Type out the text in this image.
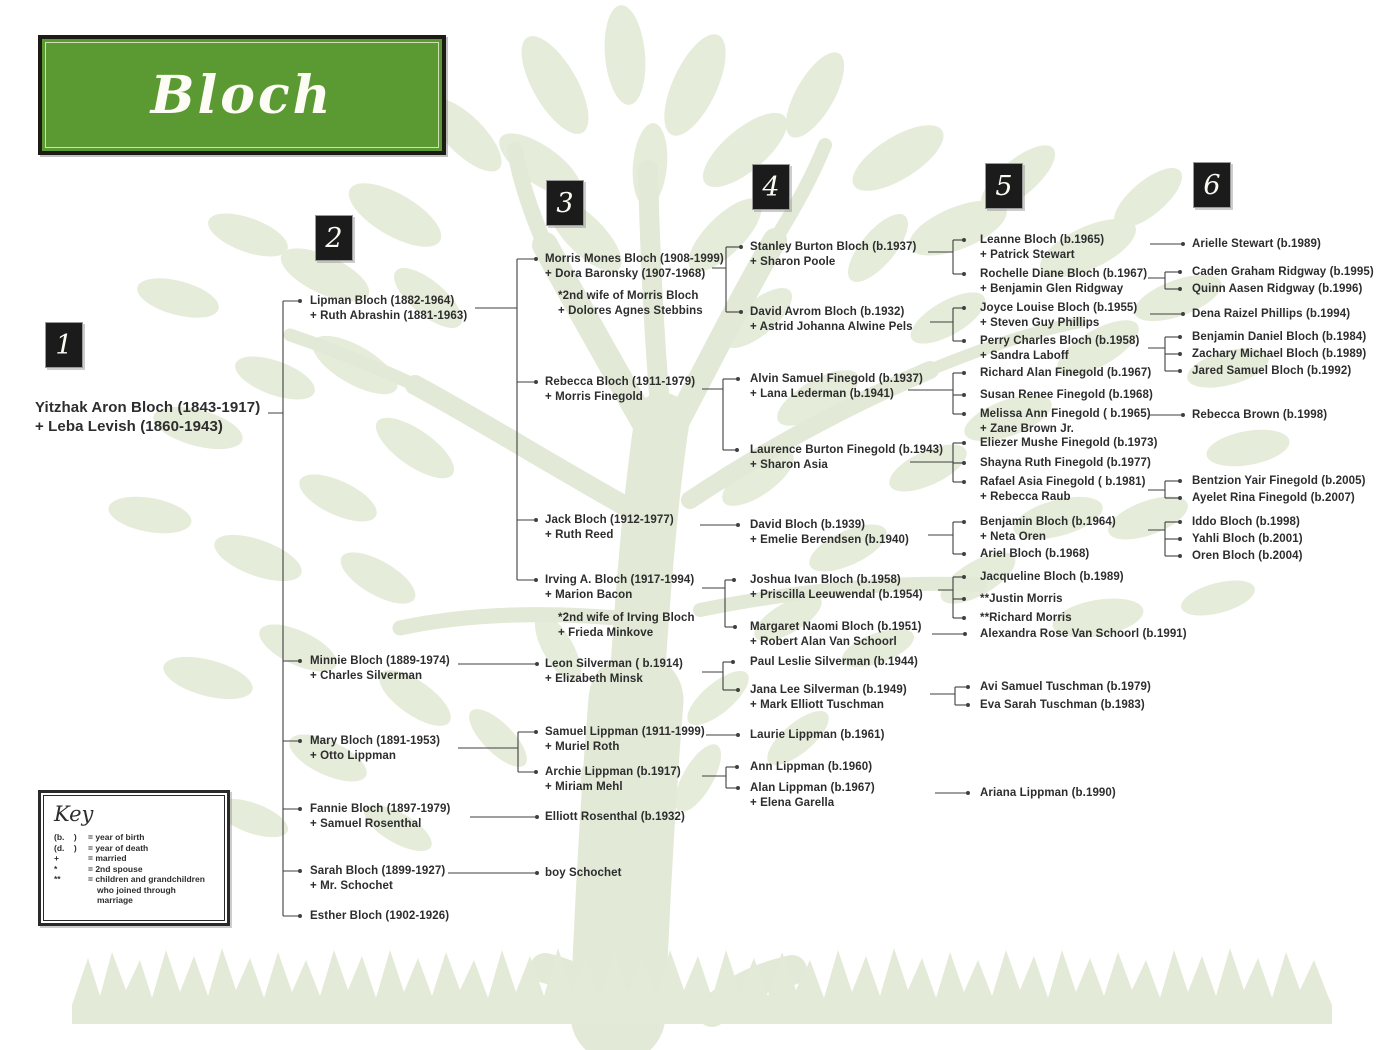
Yitzhak Aron Bloch (1843-1917)
+ Leba Levish (1860-1943)
Lipman Bloch (1882-1964)
+ Ruth Abrashin (1881-1963)
Minnie Bloch (1889-1974)
+ Charles Silverman
Mary Bloch (1891-1953)
+ Otto Lippman
Fannie Bloch (1897-1979)
+ Samuel Rosenthal
Sarah Bloch (1899-1927)
+ Mr. Schochet
Esther Bloch (1902-1926)
Morris Mones Bloch (1908-1999)
+ Dora Baronsky (1907-1968)
*2nd wife of Morris Bloch
+ Dolores Agnes Stebbins
Rebecca Bloch (1911-1979)
+ Morris Finegold
Jack Bloch (1912-1977)
+ Ruth Reed
Irving A. Bloch (1917-1994)
+ Marion Bacon
*2nd wife of Irving Bloch
+ Frieda Minkove
Leon Silverman ( b.1914)
+ Elizabeth Minsk
Samuel Lippman (1911-1999)
+ Muriel Roth
Archie Lippman (b.1917)
+ Miriam Mehl
Elliott Rosenthal (b.1932)
boy Schochet
Stanley Burton Bloch (b.1937)
+ Sharon Poole
David Avrom Bloch (b.1932)
+ Astrid Johanna Alwine Pels
Alvin Samuel Finegold (b.1937)
+ Lana Lederman (b.1941)
Laurence Burton Finegold (b.1943)
+ Sharon Asia
David Bloch (b.1939)
+ Emelie Berendsen (b.1940)
Joshua Ivan Bloch (b.1958)
+ Priscilla Leeuwendal (b.1954)
Margaret Naomi Bloch (b.1951)
+ Robert Alan Van Schoorl
Paul Leslie Silverman (b.1944)
Jana Lee Silverman (b.1949)
+ Mark Elliott Tuschman
Laurie Lippman (b.1961)
Ann Lippman (b.1960)
Alan Lippman (b.1967)
+ Elena Garella
Leanne Bloch (b.1965)
+ Patrick Stewart
Rochelle Diane Bloch (b.1967)
+ Benjamin Glen Ridgway
Joyce Louise Bloch (b.1955)
+ Steven Guy Phillips
Perry Charles Bloch (b.1958)
+ Sandra Laboff
Richard Alan Finegold (b.1967)
Susan Renee Finegold (b.1968)
Melissa Ann Finegold ( b.1965)
+ Zane Brown Jr.
Eliezer Mushe Finegold (b.1973)
Shayna Ruth Finegold (b.1977)
Rafael Asia Finegold ( b.1981)
+ Rebecca Raub
Benjamin Bloch (b.1964)
+ Neta Oren
Ariel Bloch (b.1968)
Jacqueline Bloch (b.1989)
**Justin Morris
**Richard Morris
Alexandra Rose Van Schoorl (b.1991)
Avi Samuel Tuschman (b.1979)
Eva Sarah Tuschman (b.1983)
Ariana Lippman (b.1990)
Arielle Stewart (b.1989)
Caden Graham Ridgway (b.1995)
Quinn Aasen Ridgway (b.1996)
Dena Raizel Phillips (b.1994)
Benjamin Daniel Bloch (b.1984)
Zachary Michael Bloch (b.1989)
Jared Samuel Bloch (b.1992)
Rebecca Brown (b.1998)
Bentzion Yair Finegold (b.2005)
Ayelet Rina Finegold (b.2007)
Iddo Bloch (b.1998)
Yahli Bloch (b.2001)
Oren Bloch (b.2004)
Bloch
1
2
3
4	5	6
Key
(b.    )	= year of birth
(d.    )	= year of death
+	= married
*	= 2nd spouse
**	= children and grandchildren who joined through marriage
